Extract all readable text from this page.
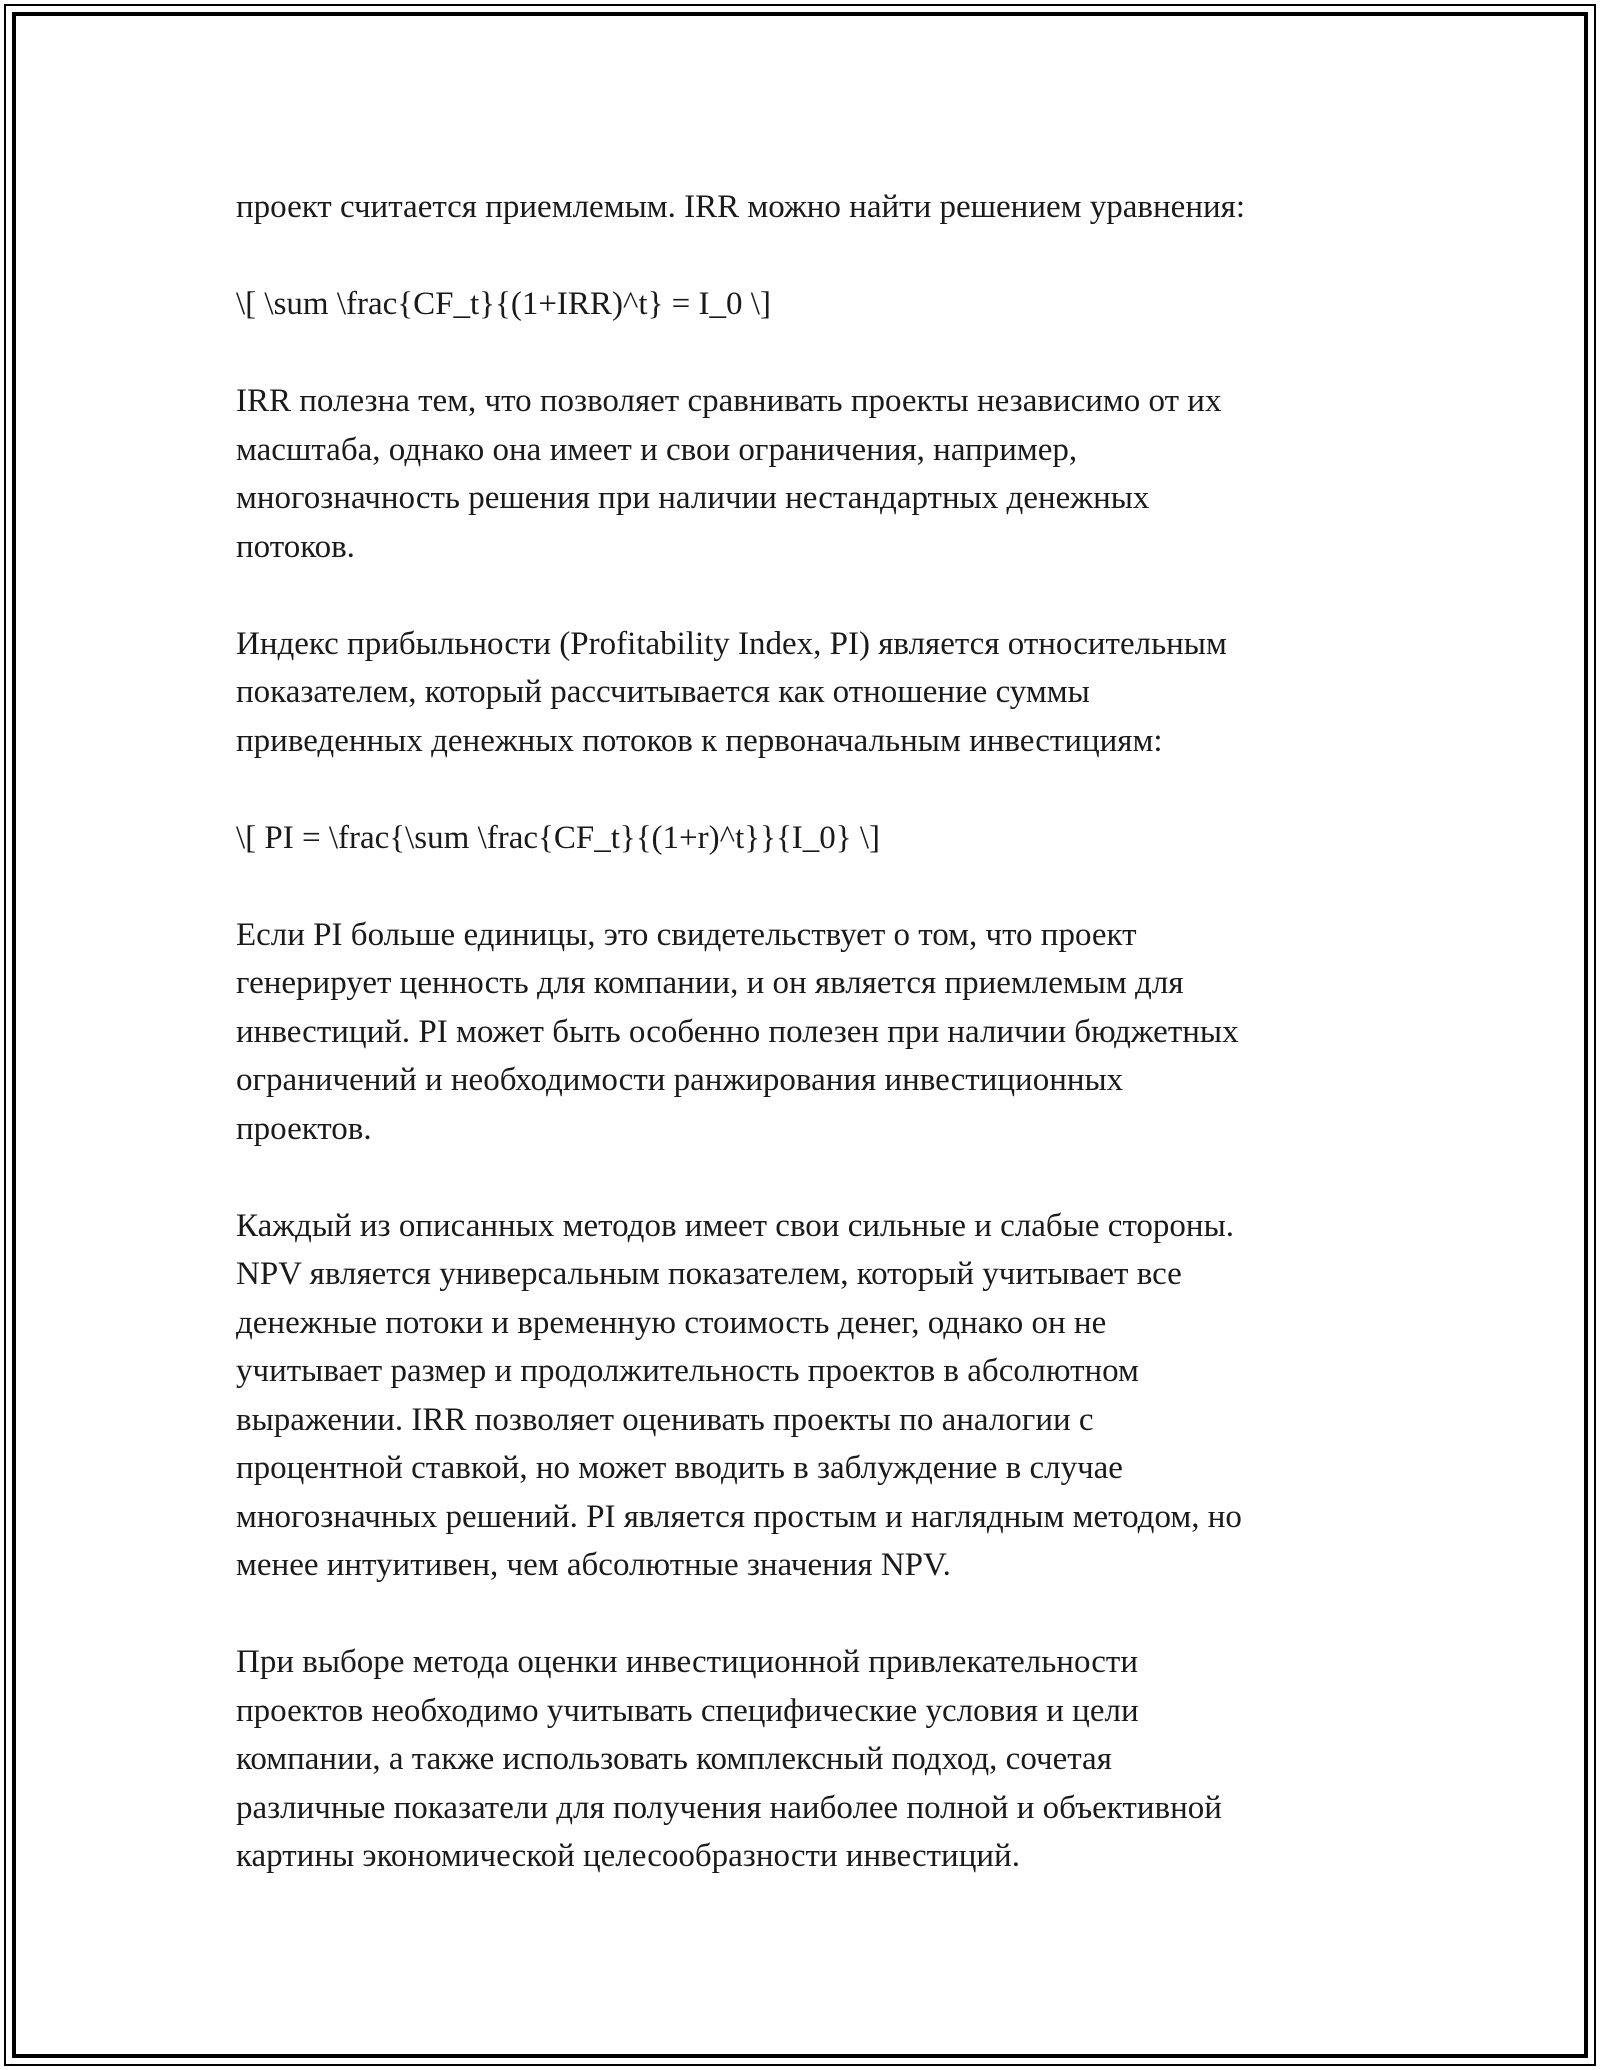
проект считается приемлемым. IRR можно найти решением уравнения:

\[ \sum \frac{CF_t}{(1+IRR)^t} = I_0 \]

IRR полезна тем, что позволяет сравнивать проекты независимо от их
масштаба, однако она имеет и свои ограничения, например,
многозначность решения при наличии нестандартных денежных
потоков.

Индекс прибыльности (Profitability Index, PI) является относительным
показателем, который рассчитывается как отношение суммы
приведенных денежных потоков к первоначальным инвестициям:

\[ PI = \frac{\sum \frac{CF_t}{(1+r)^t}}{I_0} \]

Если PI больше единицы, это свидетельствует о том, что проект
генерирует ценность для компании, и он является приемлемым для
инвестиций. PI может быть особенно полезен при наличии бюджетных
ограничений и необходимости ранжирования инвестиционных
проектов.

Каждый из описанных методов имеет свои сильные и слабые стороны.
NPV является универсальным показателем, который учитывает все
денежные потоки и временную стоимость денег, однако он не
учитывает размер и продолжительность проектов в абсолютном
выражении. IRR позволяет оценивать проекты по аналогии с
процентной ставкой, но может вводить в заблуждение в случае
многозначных решений. PI является простым и наглядным методом, но
менее интуитивен, чем абсолютные значения NPV.

При выборе метода оценки инвестиционной привлекательности
проектов необходимо учитывать специфические условия и цели
компании, а также использовать комплексный подход, сочетая
различные показатели для получения наиболее полной и объективной
картины экономической целесообразности инвестиций.
